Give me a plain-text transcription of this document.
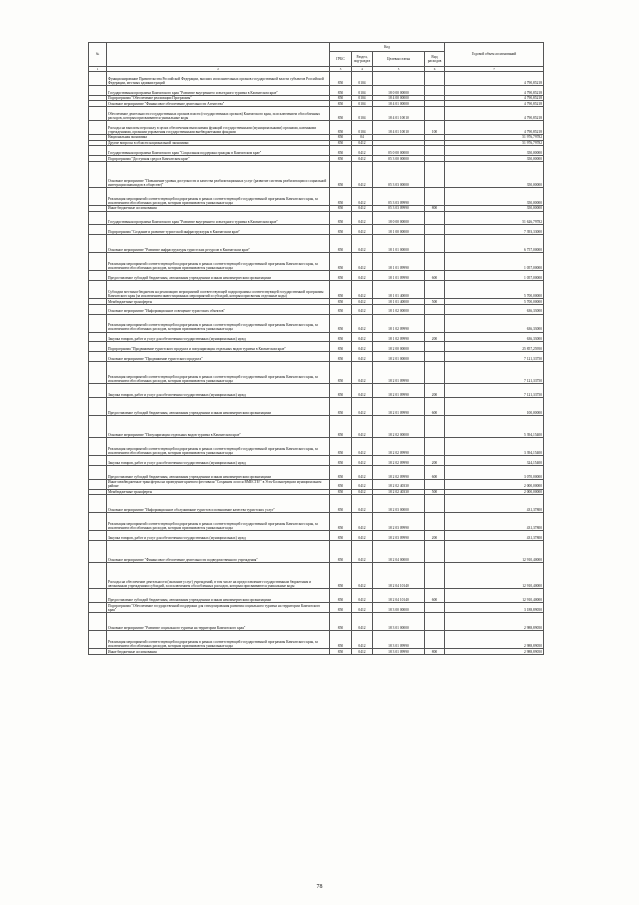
№		Код				Годовой объем ассигнований
		ГРБС	Раздел, под-раздел	Целевая статья	Вид расходов	
1	2	3	4	5	6	7
	Функционирование Правительства Российской Федерации, высших исполнительных органов государственной власти субъектов Российской Федерации, местных администраций	850	0104			4 790,85218
	Государственная программа Камчатского края "Развитие внутреннего и въездного туризма в Камчатском крае"	850	0104	18 0 00 00000		4 790,85218
	Подпрограмма "Обеспечение реализации Программы"	850	0104	18 4 00 00000		4 790,85218
	Основное мероприятие "Финансовое обеспечение деятельности Агентства"	850	0104	18 4 01 00000		4 790,85218
	Обеспечение деятельности государственных органов власти (государственных органов) Камчатского края, за исключением обособленных расходов, которым присваиваются уникальные коды	850	0104	18 4 01 10010		4 790,85218
	Расходы на выплаты персоналу в целях обеспечения выполнения функций государственными (муниципальными) органами, казенными учреждениями, органами управления государственными внебюджетными фондами	850	0104	18 4 01 10010	100	4 790,85218
	Национальная экономика	850	04			51 976,79782
	Другие вопросы в области национальной экономики	850	0412			51 976,79782
	Государственная программа Камчатского края "Социальная поддержка граждан в Камчатском крае"	850	0412	05 0 00 00000		350,00000
	Подпрограмма "Доступная среда в Камчатском крае"	850	0412	05 3 00 00000		350,00000
	Основное мероприятие "Повышение уровня доступности и качества реабилитационных услуг (развитие системы реабилитации и социальной интеграции инвалидов в обществе)"	850	0412	05 3 03 00000		350,00000
	Реализация мероприятий соответствующей подпрограммы в рамках соответствующей государственной программы Камчатского края, за исключением обособленных расходов, которым присваиваются уникальные коды	850	0412	05 3 03 09990		350,00000
	Иные бюджетные ассигнования	850	0412	05 3 03 09990	800	350,00000
	Государственная программа Камчатского края "Развитие внутреннего и въездного туризма в Камчатском крае"	850	0412	18 0 00 00000		51 626,79782
	Подпрограмма "Создание и развитие туристской инфраструктуры в Камчатском крае"	850	0412	18 1 00 00000		7 393,33000
	Основное мероприятие "Развитие инфраструктуры туристских ресурсов в Камчатском крае"	850	0412	18 1 01 00000		6 757,00000
	Реализация мероприятий соответствующей подпрограммы в рамках соответствующей государственной программы Камчатского края, за исключением обособленных расходов, которым присваиваются уникальные коды	850	0412	18 1 01 09990		1 057,00000
	Предоставление субсидий бюджетным, автономным учреждениям и иным некоммерческим организациям	850	0412	18 1 01 09990	600	1 057,00000
	Субсидии местным бюджетам на реализацию мероприятий соответствующей подпрограммы соответствующей государственной программы Камчатского края (за исключением инвестиционных мероприятий и субсидий, которым присвоены отдельные коды)	850	0412	18 1 01 40000		5 700,00000
	Межбюджетные трансферты	850	0412	18 1 01 40000	500	5 700,00000
	Основное мероприятие "Информационное освещение туристских объектов"	850	0412	18 1 02 00000		636,33000
	Реализация мероприятий соответствующей подпрограммы в рамках соответствующей государственной программы Камчатского края, за исключением обособленных расходов, которым присваиваются уникальные коды	850	0412	18 1 02 09990		636,33000
	Закупка товаров, работ и услуг для обеспечения государственных (муниципальных) нужд	850	0412	18 1 02 09990	200	636,33000
	Подпрограмма "Продвижение туристского продукта и популяризация отдельных видов туризма в Камчатском крае"	850	0412	18 2 00 00000		25 857,25950
	Основное мероприятие "Продвижение туристского продукта"	850	0412	18 2 01 00000		7 121,33750
	Реализация мероприятий соответствующей подпрограммы в рамках соответствующей государственной программы Камчатского края, за исключением обособленных расходов, которым присваиваются уникальные коды	850	0412	18 2 01 09990		7 121,33750
	Закупка товаров, работ и услуг для обеспечения государственных (муниципальных) нужд	850	0412	18 2 01 09990	200	7 121,33750
	Предоставление субсидий бюджетным, автономным учреждениям и иным некоммерческим организациям	850	0412	18 2 01 09990	600	100,00000
	Основное мероприятие "Популяризация отдельных видов туризма в Камчатском крае"	850	0412	18 2 02 00000		5 394,15400
	Реализация мероприятий соответствующей подпрограммы в рамках соответствующей государственной программы Камчатского края, за исключением обособленных расходов, которым присваиваются уникальные коды	850	0412	18 2 02 09990		3 394,15400
	Закупка товаров, работ и услуг для обеспечения государственных (муниципальных) нужд	850	0412	18 2 02 09990	200	324,15400
	Предоставление субсидий бюджетным, автономным учреждениям и иным некоммерческим организациям	850	0412	18 2 02 09990	600	3 070,00000
	Иные межбюджетные трансферты на проведение краевого фестиваля "Сохраним лосося ВМЕСТЕ!" в Усть-Большерецком муниципальном районе	850	0412	18 2 02 40330		2 000,00000
	Межбюджетные трансферты	850	0412	18 2 02 40330	500	2 000,00000
	Основное мероприятие "Информационное обслуживание туристов и повышение качества туристских услуг"	850	0412	18 2 03 00000		431,37800
	Реализация мероприятий соответствующей подпрограммы в рамках соответствующей государственной программы Камчатского края, за исключением обособленных расходов, которым присваиваются уникальные коды	850	0412	18 2 03 09990		431,37800
	Закупка товаров, работ и услуг для обеспечения государственных (муниципальных) нужд	850	0412	18 2 03 09990	200	431,37800
	Основное мероприятие "Финансовое обеспечение деятельности подведомственного учреждения"	850	0412	18 2 04 00000		12 910,40000
	Расходы на обеспечение деятельности (оказание услуг) учреждений, в том числе на предоставление государственным бюджетным и автономным учреждениям субсидий, за исключением обособленных расходов, которым присваиваются уникальные коды	850	0412	18 2 04 10140		12 910,40000
	Предоставление субсидий бюджетным, автономным учреждениям и иным некоммерческим организациям	850	0412	18 2 04 10140	600	12 910,40000
	Подпрограмма "Обеспечение государственной поддержки для стимулирования развития социального туризма на территории Камчатского края"	850	0412	18 3 00 00000		3 188,89050
	Основное мероприятие "Развитие социального туризма на территории Камчатского края"	850	0412	18 3 01 00000		2 988,89050
	Реализация мероприятий соответствующей подпрограммы в рамках соответствующей государственной программы Камчатского края, за исключением обособленных расходов, которым присваиваются уникальные коды	850	0412	18 3 01 09990		2 988,89050
	Иные бюджетные ассигнования	850	0412	18 3 01 09990	800	2 988,89050
78
